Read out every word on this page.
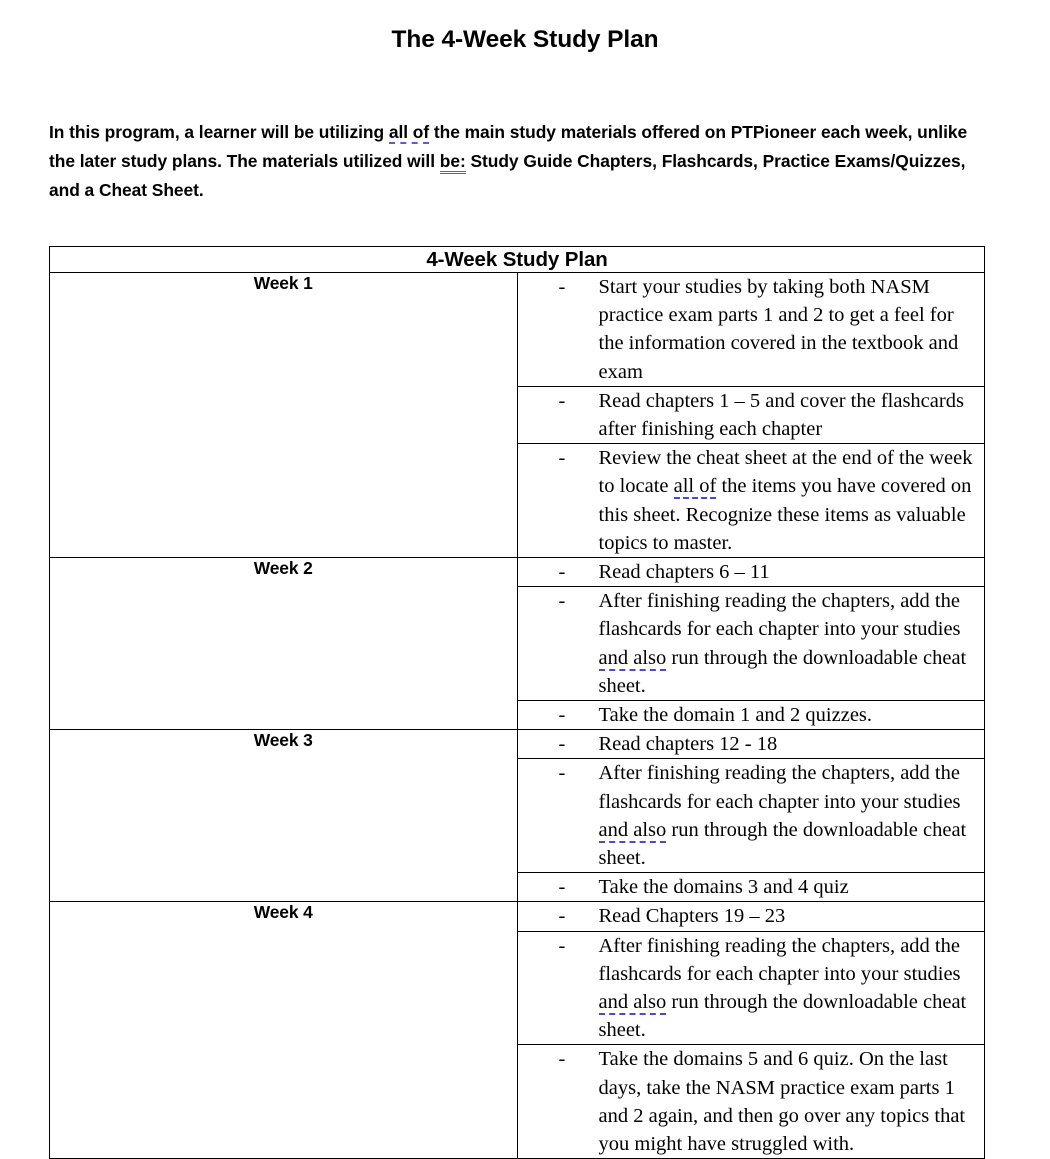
The 4-Week Study Plan

In this program, a learner will be utilizing all of the main study materials offered on PTPioneer each week, unlike the later study plans. The materials utilized will be: Study Guide Chapters, Flashcards, Practice Exams/Quizzes, and a Cheat Sheet.

4-Week Study Plan	
Week 1	- Start your studies by taking both NASM practice exam parts 1 and 2 to get a feel for the information covered in the textbook and exam

	- Read chapters 1 – 5 and cover the flashcards after finishing each chapter

	- Review the cheat sheet at the end of the week to locate all of the items you have covered on this sheet. Recognize these items as valuable topics to master.

Week 2	- Read chapters 6 – 11

	- After finishing reading the chapters, add the flashcards for each chapter into your studies and also run through the downloadable cheat sheet.

	- Take the domain 1 and 2 quizzes.

Week 3	- Read chapters 12 - 18

	- After finishing reading the chapters, add the flashcards for each chapter into your studies and also run through the downloadable cheat sheet.

	- Take the domains 3 and 4 quiz

Week 4	- Read Chapters 19 – 23

	- After finishing reading the chapters, add the flashcards for each chapter into your studies and also run through the downloadable cheat sheet.

	- Take the domains 5 and 6 quiz. On the last days, take the NASM practice exam parts 1 and 2 again, and then go over any topics that you might have struggled with.
